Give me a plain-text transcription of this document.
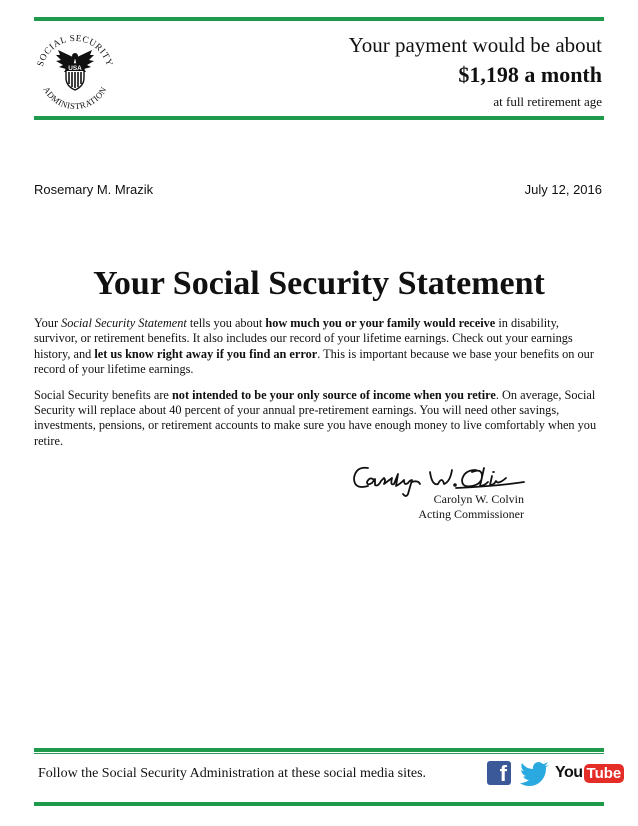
SOCIAL SECURITY
ADMINISTRATION
USA
Your payment would be about
$1,198 a month
at full retirement age
Rosemary M. Mrazik	July 12, 2016
Your Social Security Statement

Your Social Security Statement tells you about how much you or your family would receive in disability, survivor, or retirement benefits. It also includes our record of your lifetime earnings. Check out your earnings history, and let us know right away if you find an error. This is important because we base your benefits on our record of your lifetime earnings.

Social Security benefits are not intended to be your only source of income when you retire. On average, Social Security will replace about 40 percent of your annual pre-retirement earnings. You will need other savings, investments, pensions, or retirement accounts to make sure you have enough money to live comfortably when you retire.

Carolyn W. Colvin
Acting Commissioner
Follow the Social Security Administration at these social media sites.	f	You Tube
